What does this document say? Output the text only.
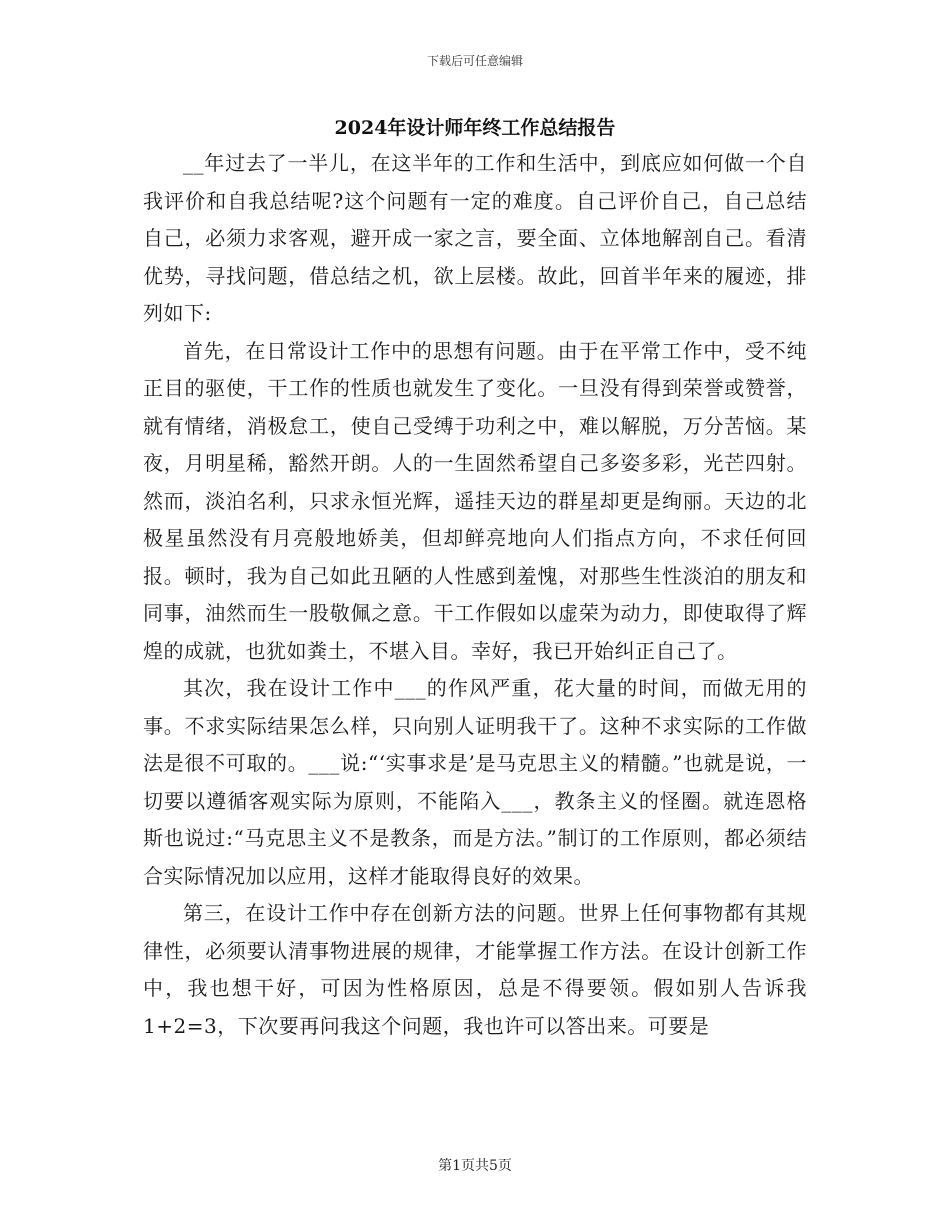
下载后可任意编辑
2024年设计师年终工作总结报告

__年过去了一半儿，在这半年的工作和生活中，到底应如何做一个自我评价和自我总结呢?这个问题有一定的难度。自己评价自己，自己总结自己，必须力求客观，避开成一家之言，要全面、立体地解剖自己。看清优势，寻找问题，借总结之机，欲上层楼。故此，回首半年来的履迹，排列如下:

首先，在日常设计工作中的思想有问题。由于在平常工作中，受不纯正目的驱使，干工作的性质也就发生了变化。一旦没有得到荣誉或赞誉，就有情绪，消极怠工，使自己受缚于功利之中，难以解脱，万分苦恼。某夜，月明星稀，豁然开朗。人的一生固然希望自己多姿多彩，光芒四射。然而，淡泊名利，只求永恒光辉，遥挂天边的群星却更是绚丽。天边的北极星虽然没有月亮般地娇美，但却鲜亮地向人们指点方向，不求任何回报。顿时，我为自己如此丑陋的人性感到羞愧，对那些生性淡泊的朋友和同事，油然而生一股敬佩之意。干工作假如以虚荣为动力，即使取得了辉煌的成就，也犹如粪土，不堪入目。幸好，我已开始纠正自己了。

其次，我在设计工作中___的作风严重，花大量的时间，而做无用的事。不求实际结果怎么样，只向别人证明我干了。这种不求实际的工作做法是很不可取的。___说:“‘实事求是’是马克思主义的精髓。”也就是说，一切要以遵循客观实际为原则，不能陷入___，教条主义的怪圈。就连恩格斯也说过:“马克思主义不是教条，而是方法。”制订的工作原则，都必须结合实际情况加以应用，这样才能取得良好的效果。

第三，在设计工作中存在创新方法的问题。世界上任何事物都有其规律性，必须要认清事物进展的规律，才能掌握工作方法。在设计创新工作中，我也想干好，可因为性格原因，总是不得要领。假如别人告诉我1+2=3，下次要再问我这个问题，我也许可以答出来。可要是

第1页共5页
